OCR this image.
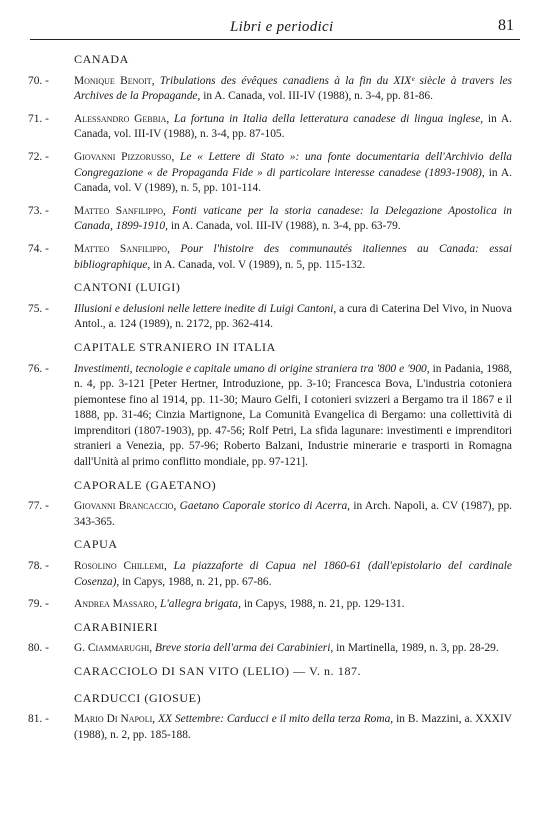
Libri e periodici	81
CANADA
70. -	Monique Benoit, Tribulations des évêques canadiens à la fin du XIXᵉ siècle à travers les Archives de la Propagande, in A. Canada, vol. III-IV (1988), n. 3-4, pp. 81-86.
71. -	Alessandro Gebbia, La fortuna in Italia della letteratura canadese di lingua inglese, in A. Canada, vol. III-IV (1988), n. 3-4, pp. 87-105.
72. -	Giovanni Pizzorusso, Le « Lettere di Stato »: una fonte documentaria dell'Archivio della Congregazione « de Propaganda Fide » di particolare interesse canadese (1893-1908), in A. Canada, vol. V (1989), n. 5, pp. 101-114.
73. -	Matteo Sanfilippo, Fonti vaticane per la storia canadese: la Delegazione Apostolica in Canada, 1899-1910, in A. Canada, vol. III-IV (1988), n. 3-4, pp. 63-79.
74. -	Matteo Sanfilippo, Pour l'histoire des communautés italiennes au Canada: essai bibliographique, in A. Canada, vol. V (1989), n. 5, pp. 115-132.
CANTONI (LUIGI)
75. -	Illusioni e delusioni nelle lettere inedite di Luigi Cantoni, a cura di Caterina Del Vivo, in Nuova Antol., a. 124 (1989), n. 2172, pp. 362-414.
CAPITALE STRANIERO IN ITALIA
76. -	Investimenti, tecnologie e capitale umano di origine straniera tra '800 e '900, in Padania, 1988, n. 4, pp. 3-121 [Peter Hertner, Introduzione, pp. 3-10; Francesca Bova, L'industria cotoniera piemontese fino al 1914, pp. 11-30; Mauro Gelfi, I cotonieri svizzeri a Bergamo tra il 1867 e il 1888, pp. 31-46; Cinzia Martignone, La Comunità Evangelica di Bergamo: una collettività di imprenditori (1807-1903), pp. 47-56; Rolf Petri, La sfida lagunare: investimenti e imprenditori stranieri a Venezia, pp. 57-96; Roberto Balzani, Industrie minerarie e trasporti in Romagna dall'Unità al primo conflitto mondiale, pp. 97-121].
CAPORALE (GAETANO)
77. -	Giovanni Brancaccio, Gaetano Caporale storico di Acerra, in Arch. Napoli, a. CV (1987), pp. 343-365.
CAPUA
78. -	Rosolino Chillemi, La piazzaforte di Capua nel 1860-61 (dall'epistolario del cardinale Cosenza), in Capys, 1988, n. 21, pp. 67-86.
79. -	Andrea Massaro, L'allegra brigata, in Capys, 1988, n. 21, pp. 129-131.
CARABINIERI
80. -	G. Ciammarughi, Breve storia dell'arma dei Carabinieri, in Martinella, 1989, n. 3, pp. 28-29.
CARACCIOLO DI SAN VITO (LELIO) — V. n. 187.
CARDUCCI (GIOSUE)
81. -	Mario Di Napoli, XX Settembre: Carducci e il mito della terza Roma, in B. Mazzini, a. XXXIV (1988), n. 2, pp. 185-188.
